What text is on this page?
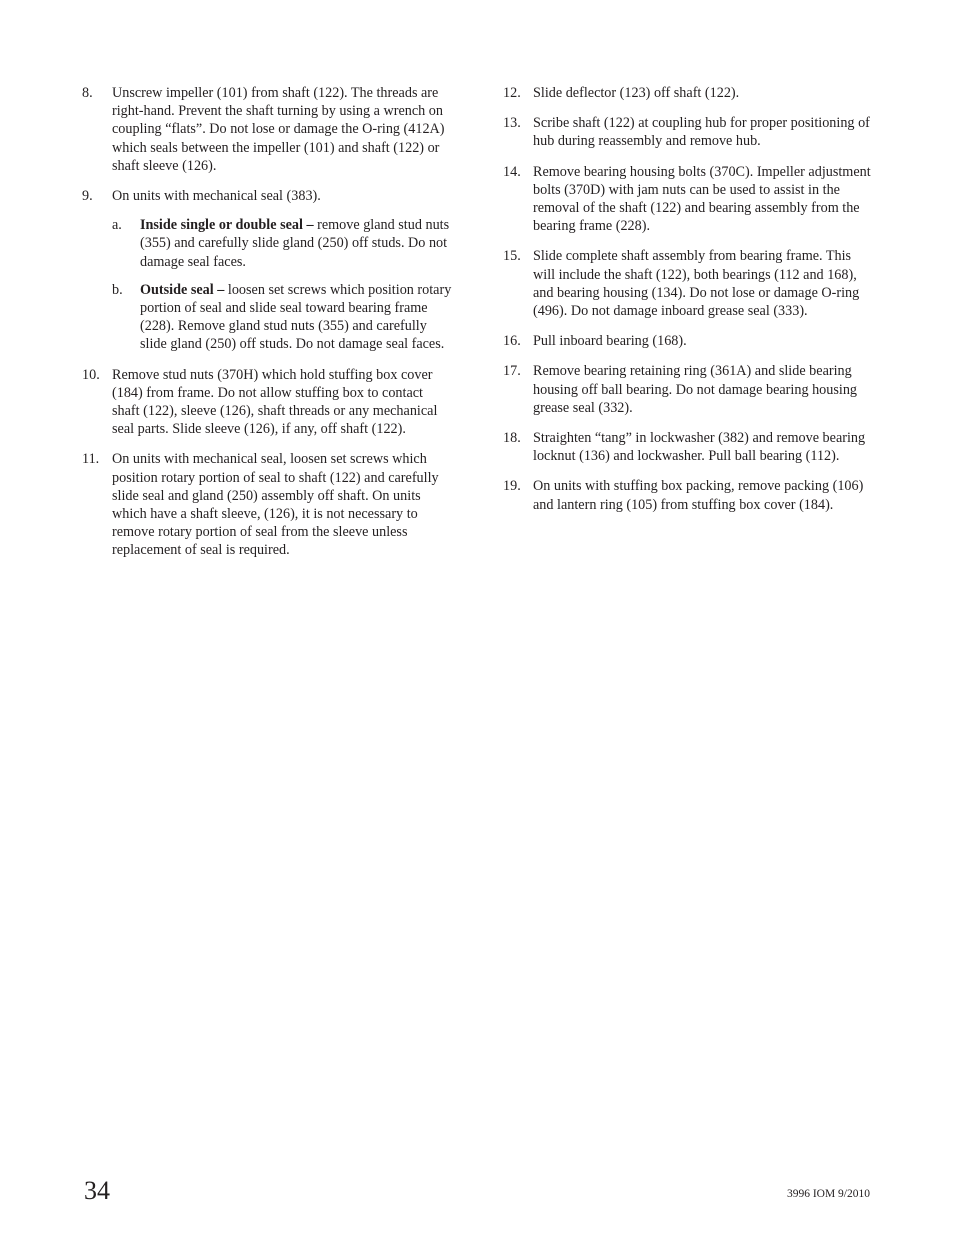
8.	Unscrew impeller (101) from shaft (122). The threads are right-hand. Prevent the shaft turning by using a wrench on coupling “flats”. Do not lose or damage the O-ring (412A) which seals between the impeller (101) and shaft (122) or shaft sleeve (126).
9.	On units with mechanical seal (383).
a.	Inside single or double seal – remove gland stud nuts (355) and carefully slide gland (250) off studs. Do not damage seal faces.
b.	Outside seal – loosen set screws which position rotary portion of seal and slide seal toward bearing frame (228). Remove gland stud nuts (355) and carefully slide gland (250) off studs. Do not damage seal faces.
10. Remove stud nuts (370H) which hold stuffing box cover (184) from frame. Do not allow stuffing box to contact shaft (122), sleeve (126), shaft threads or any mechanical seal parts. Slide sleeve (126), if any, off shaft (122).
11. On units with mechanical seal, loosen set screws which position rotary portion of seal to shaft (122) and carefully slide seal and gland (250) assembly off shaft. On units which have a shaft sleeve, (126), it is not necessary to remove rotary portion of seal from the sleeve unless replacement of seal is required.
12. Slide deflector (123) off shaft (122).
13. Scribe shaft (122) at coupling hub for proper positioning of hub during reassembly and remove hub.
14. Remove bearing housing bolts (370C). Impeller adjustment bolts (370D) with jam nuts can be used to assist in the removal of the shaft (122) and bearing assembly from the bearing frame (228).
15. Slide complete shaft assembly from bearing frame. This will include the shaft (122), both bearings (112 and 168), and bearing housing (134). Do not lose or damage O-ring (496). Do not damage inboard grease seal (333).
16. Pull inboard bearing (168).
17. Remove bearing retaining ring (361A) and slide bearing housing off ball bearing. Do not damage bearing housing grease seal (332).
18. Straighten “tang” in lockwasher (382) and remove bearing locknut (136) and lockwasher. Pull ball bearing (112).
19. On units with stuffing box packing, remove packing (106) and lantern ring (105) from stuffing box cover (184).
34	3996 IOM 9/2010
